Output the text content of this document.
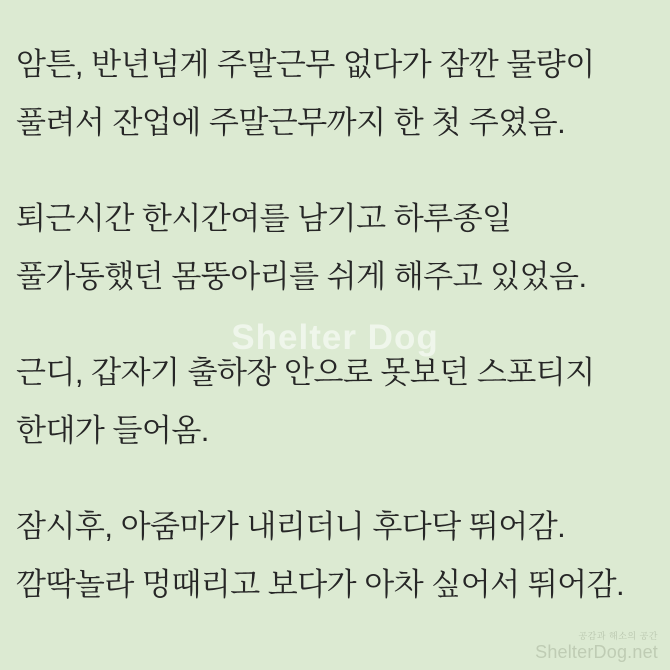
Shelter Dog
암튼, 반년넘게 주말근무 없다가 잠깐 물량이
풀려서 잔업에 주말근무까지 한 첫 주였음.
퇴근시간 한시간여를 남기고 하루종일
풀가동했던 몸뚱아리를 쉬게 해주고 있었음.
근디, 갑자기 출하장 안으로 못보던 스포티지
한대가 들어옴.
잠시후, 아줌마가 내리더니 후다닥 뛰어감.
깜딱놀라 멍때리고 보다가 아차 싶어서 뛰어감.
공감과 해소의 공간
ShelterDog.net
